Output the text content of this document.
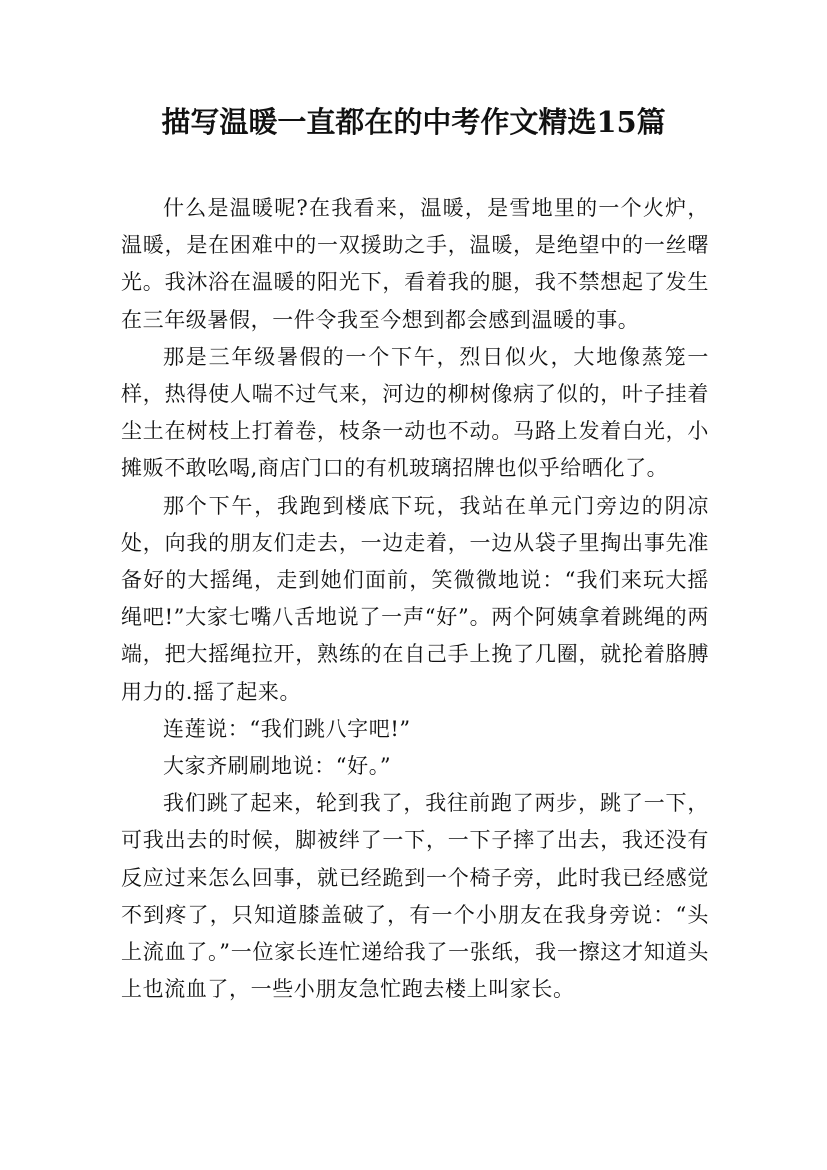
描写温暖一直都在的中考作文精选15篇

什么是温暖呢?在我看来，温暖，是雪地里的一个火炉，温暖，是在困难中的一双援助之手，温暖，是绝望中的一丝曙光。我沐浴在温暖的阳光下，看着我的腿，我不禁想起了发生在三年级暑假，一件令我至今想到都会感到温暖的事。

那是三年级暑假的一个下午，烈日似火，大地像蒸笼一样，热得使人喘不过气来，河边的柳树像病了似的，叶子挂着尘土在树枝上打着卷，枝条一动也不动。马路上发着白光，小摊贩不敢吆喝,商店门口的有机玻璃招牌也似乎给晒化了。

那个下午，我跑到楼底下玩，我站在单元门旁边的阴凉处，向我的朋友们走去，一边走着，一边从袋子里掏出事先准备好的大摇绳，走到她们面前，笑微微地说：“我们来玩大摇绳吧!”大家七嘴八舌地说了一声“好”。两个阿姨拿着跳绳的两端，把大摇绳拉开，熟练的在自己手上挽了几圈，就抡着胳膊用力的.摇了起来。

连莲说：“我们跳八字吧!”

大家齐刷刷地说：“好。”

我们跳了起来，轮到我了，我往前跑了两步，跳了一下，可我出去的时候，脚被绊了一下，一下子摔了出去，我还没有反应过来怎么回事，就已经跪到一个椅子旁，此时我已经感觉不到疼了，只知道膝盖破了，有一个小朋友在我身旁说：“头上流血了。”一位家长连忙递给我了一张纸，我一擦这才知道头上也流血了，一些小朋友急忙跑去楼上叫家长。
